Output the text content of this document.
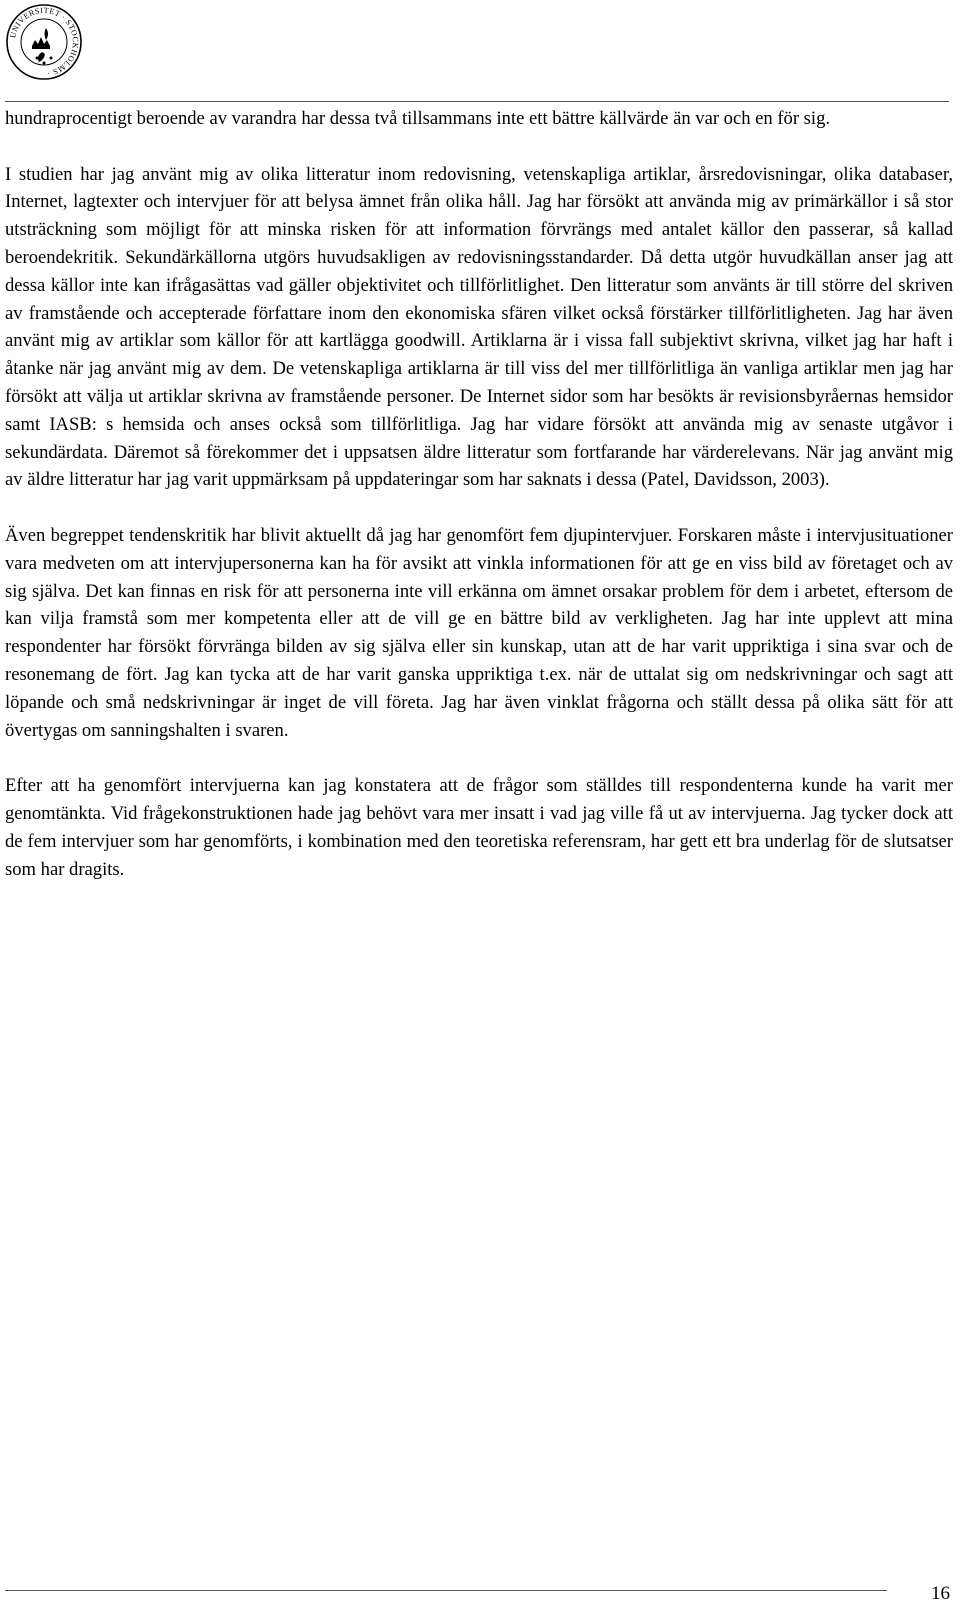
UNIVERSITET · STOCKHOLMS ·

hundraprocentigt beroende av varandra har dessa två tillsammans inte ett bättre källvärde än var och en för sig.

I studien har jag använt mig av olika litteratur inom redovisning, vetenskapliga artiklar, årsredovisningar, olika databaser, Internet, lagtexter och intervjuer för att belysa ämnet från olika håll. Jag har försökt att använda mig av primärkällor i så stor utsträckning som möjligt för att minska risken för att information förvrängs med antalet källor den passerar, så kallad beroendekritik. Sekundärkällorna utgörs huvudsakligen av redovisningsstandarder. Då detta utgör huvudkällan anser jag att dessa källor inte kan ifrågasättas vad gäller objektivitet och tillförlitlighet. Den litteratur som använts är till större del skriven av framstående och accepterade författare inom den ekonomiska sfären vilket också förstärker tillförlitligheten. Jag har även använt mig av artiklar som källor för att kartlägga goodwill. Artiklarna är i vissa fall subjektivt skrivna, vilket jag har haft i åtanke när jag använt mig av dem. De vetenskapliga artiklarna är till viss del mer tillförlitliga än vanliga artiklar men jag har försökt att välja ut artiklar skrivna av framstående personer. De Internet sidor som har besökts är revisionsbyråernas hemsidor samt IASB: s hemsida och anses också som tillförlitliga. Jag har vidare försökt att använda mig av senaste utgåvor i sekundärdata. Däremot så förekommer det i uppsatsen äldre litteratur som fortfarande har värderelevans. När jag använt mig av äldre litteratur har jag varit uppmärksam på uppdateringar som har saknats i dessa (Patel, Davidsson, 2003).

Även begreppet tendenskritik har blivit aktuellt då jag har genomfört fem djupintervjuer. Forskaren måste i intervjusituationer vara medveten om att intervjupersonerna kan ha för avsikt att vinkla informationen för att ge en viss bild av företaget och av sig själva. Det kan finnas en risk för att personerna inte vill erkänna om ämnet orsakar problem för dem i arbetet, eftersom de kan vilja framstå som mer kompetenta eller att de vill ge en bättre bild av verkligheten. Jag har inte upplevt att mina respondenter har försökt förvränga bilden av sig själva eller sin kunskap, utan att de har varit uppriktiga i sina svar och de resonemang de fört. Jag kan tycka att de har varit ganska uppriktiga t.ex. när de uttalat sig om nedskrivningar och sagt att löpande och små nedskrivningar är inget de vill företa. Jag har även vinklat frågorna och ställt dessa på olika sätt för att övertygas om sanningshalten i svaren.

Efter att ha genomfört intervjuerna kan jag konstatera att de frågor som ställdes till respondenterna kunde ha varit mer genomtänkta. Vid frågekonstruktionen hade jag behövt vara mer insatt i vad jag ville få ut av intervjuerna. Jag tycker dock att de fem intervjuer som har genomförts, i kombination med den teoretiska referensram, har gett ett bra underlag för de slutsatser som har dragits.

16
